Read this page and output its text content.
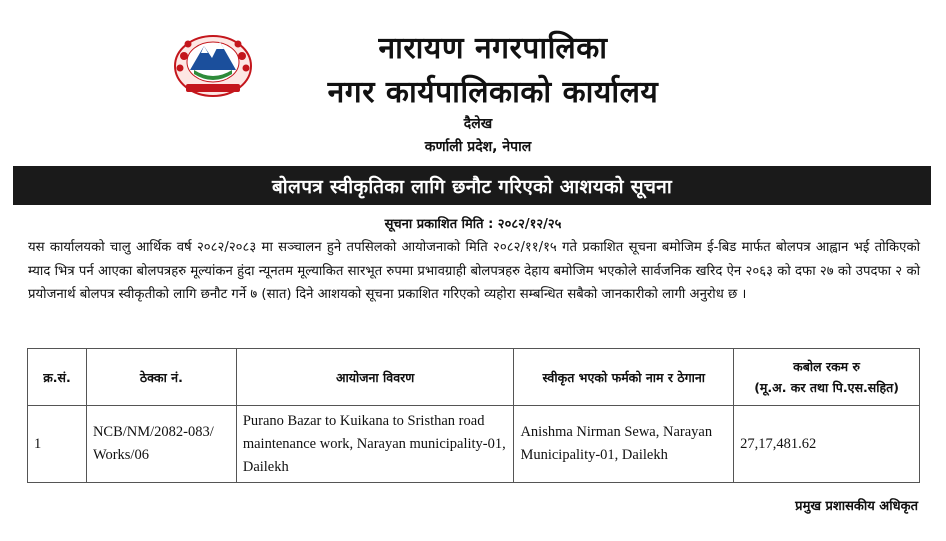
नारायण नगरपालिका
नगर कार्यपालिकाको कार्यालय
दैलेख
कर्णाली प्रदेश, नेपाल
बोलपत्र स्वीकृतिका लागि छनौट गरिएको आशयको सूचना
सूचना प्रकाशित मिति : २०८२/१२/२५
यस कार्यालयको चालु आर्थिक वर्ष २०८२/२०८३ मा सञ्चालन हुने तपसिलको आयोजनाको मिति २०८२/११/१५ गते प्रकाशित सूचना बमोजिम ई-बिड मार्फत बोलपत्र आह्वान भई तोकिएको म्याद भित्र पर्न आएका बोलपत्रहरु मूल्यांकन हुंदा न्यूनतम मूल्याकित सारभूत रुपमा प्रभावग्राही बोलपत्रहरु देहाय बमोजिम भएकोले सार्वजनिक खरिद ऐन २०६३ को दफा २७ को उपदफा २ को प्रयोजनार्थ बोलपत्र स्वीकृतीको लागि छनौट गर्ने ७ (सात) दिने आशयको सूचना प्रकाशित गरिएको व्यहोरा सम्बन्धित सबैको जानकारीको लागी अनुरोध छ ।
क्र.सं.	ठेक्का नं.	आयोजना विवरण	स्वीकृत भएको फर्मको नाम र ठेगाना	कबोल रकम रु
(मू.अ. कर तथा पि.एस.सहित)

1	NCB/NM/2082-083/ Works/06	Purano Bazar to Kuikana to Sristhan road maintenance work, Narayan municipality-01, Dailekh	Anishma Nirman Sewa, Narayan Municipality-01, Dailekh	27,17,481.62
प्रमुख प्रशासकीय अधिकृत
